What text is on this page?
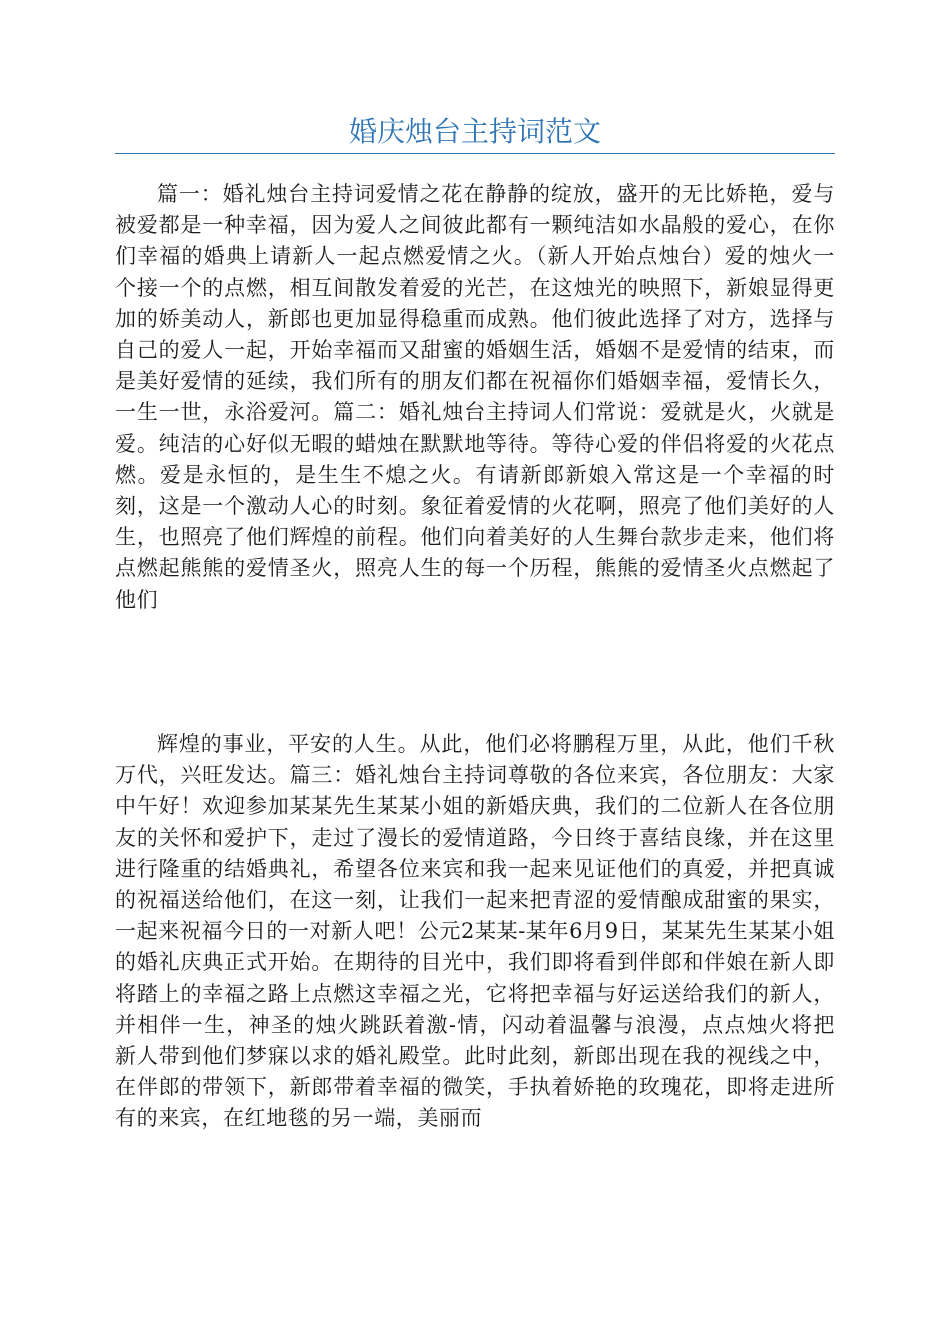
婚庆烛台主持词范文

篇一：婚礼烛台主持词爱情之花在静静的绽放，盛开的无比娇艳，爱与被爱都是一种幸福，因为爱人之间彼此都有一颗纯洁如水晶般的爱心，在你们幸福的婚典上请新人一起点燃爱情之火。（新人开始点烛台）爱的烛火一个接一个的点燃，相互间散发着爱的光芒，在这烛光的映照下，新娘显得更加的娇美动人，新郎也更加显得稳重而成熟。他们彼此选择了对方，选择与自己的爱人一起，开始幸福而又甜蜜的婚姻生活，婚姻不是爱情的结束，而是美好爱情的延续，我们所有的朋友们都在祝福你们婚姻幸福，爱情长久，一生一世，永浴爱河。篇二：婚礼烛台主持词人们常说：爱就是火，火就是爱。纯洁的心好似无暇的蜡烛在默默地等待。等待心爱的伴侣将爱的火花点燃。爱是永恒的，是生生不熄之火。有请新郎新娘入常这是一个幸福的时刻，这是一个激动人心的时刻。象征着爱情的火花啊，照亮了他们美好的人生，也照亮了他们辉煌的前程。他们向着美好的人生舞台款步走来，他们将点燃起熊熊的爱情圣火，照亮人生的每一个历程，熊熊的爱情圣火点燃起了他们

辉煌的事业，平安的人生。从此，他们必将鹏程万里，从此，他们千秋万代，兴旺发达。篇三：婚礼烛台主持词尊敬的各位来宾，各位朋友：大家中午好！欢迎参加某某先生某某小姐的新婚庆典，我们的二位新人在各位朋友的关怀和爱护下，走过了漫长的爱情道路，今日终于喜结良缘，并在这里进行隆重的结婚典礼，希望各位来宾和我一起来见证他们的真爱，并把真诚的祝福送给他们，在这一刻，让我们一起来把青涩的爱情酿成甜蜜的果实，一起来祝福今日的一对新人吧！公元2某某-某年6月9日，某某先生某某小姐的婚礼庆典正式开始。在期待的目光中，我们即将看到伴郎和伴娘在新人即将踏上的幸福之路上点燃这幸福之光，它将把幸福与好运送给我们的新人，并相伴一生，神圣的烛火跳跃着激-情，闪动着温馨与浪漫，点点烛火将把新人带到他们梦寐以求的婚礼殿堂。此时此刻，新郎出现在我的视线之中，在伴郎的带领下，新郎带着幸福的微笑，手执着娇艳的玫瑰花，即将走进所有的来宾，在红地毯的另一端，美丽而
